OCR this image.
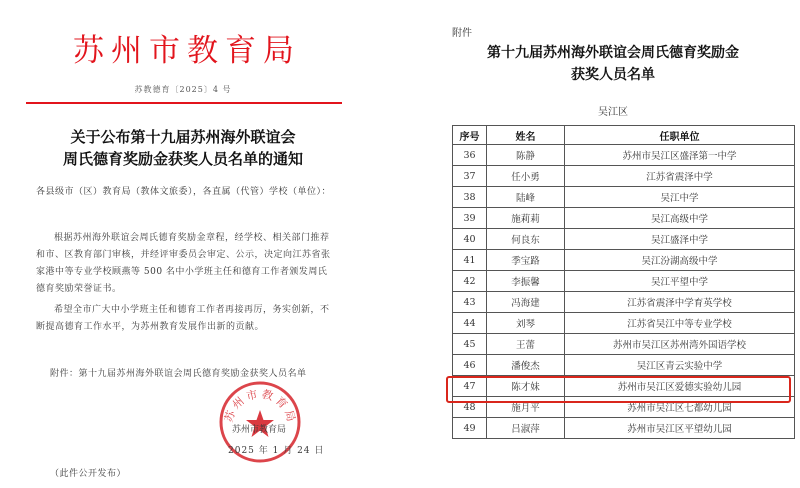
苏州市教育局
苏教德育〔2025〕4 号
关于公布第十九届苏州海外联谊会
周氏德育奖励金获奖人员名单的通知
各县级市（区）教育局（教体文旅委），各直属（代管）学校（单位）：
根据苏州海外联谊会周氏德育奖励金章程，经学校、相关部门推荐和市、区教育部门审核，并经评审委员会审定、公示，决定向江苏省张家港中等专业学校顾燕等 500 名中小学班主任和德育工作者颁发周氏德育奖励荣誉证书。
希望全市广大中小学班主任和德育工作者再接再厉，务实创新，不断提高德育工作水平，为苏州教育发展作出新的贡献。
附件：第十九届苏州海外联谊会周氏德育奖励金获奖人员名单
苏州市教育局
苏州市教育局
2025 年 1 月 24 日
（此件公开发布）
附件
第十九届苏州海外联谊会周氏德育奖励金
获奖人员名单
吴江区
序号	姓名	任职单位
36	陈静	苏州市吴江区盛泽第一中学
37	任小勇	江苏省震泽中学
38	陆峰	吴江中学
39	施莉莉	吴江高级中学
40	何良东	吴江盛泽中学
41	季宝路	吴江汾湖高级中学
42	李振馨	吴江平望中学
43	冯海建	江苏省震泽中学育英学校
44	刘琴	江苏省吴江中等专业学校
45	王蕾	苏州市吴江区苏州湾外国语学校
46	潘俊杰	吴江区青云实验中学
47	陈才妹	苏州市吴江区爱德实验幼儿园
48	施月平	苏州市吴江区七都幼儿园
49	吕淑萍	苏州市吴江区平望幼儿园
